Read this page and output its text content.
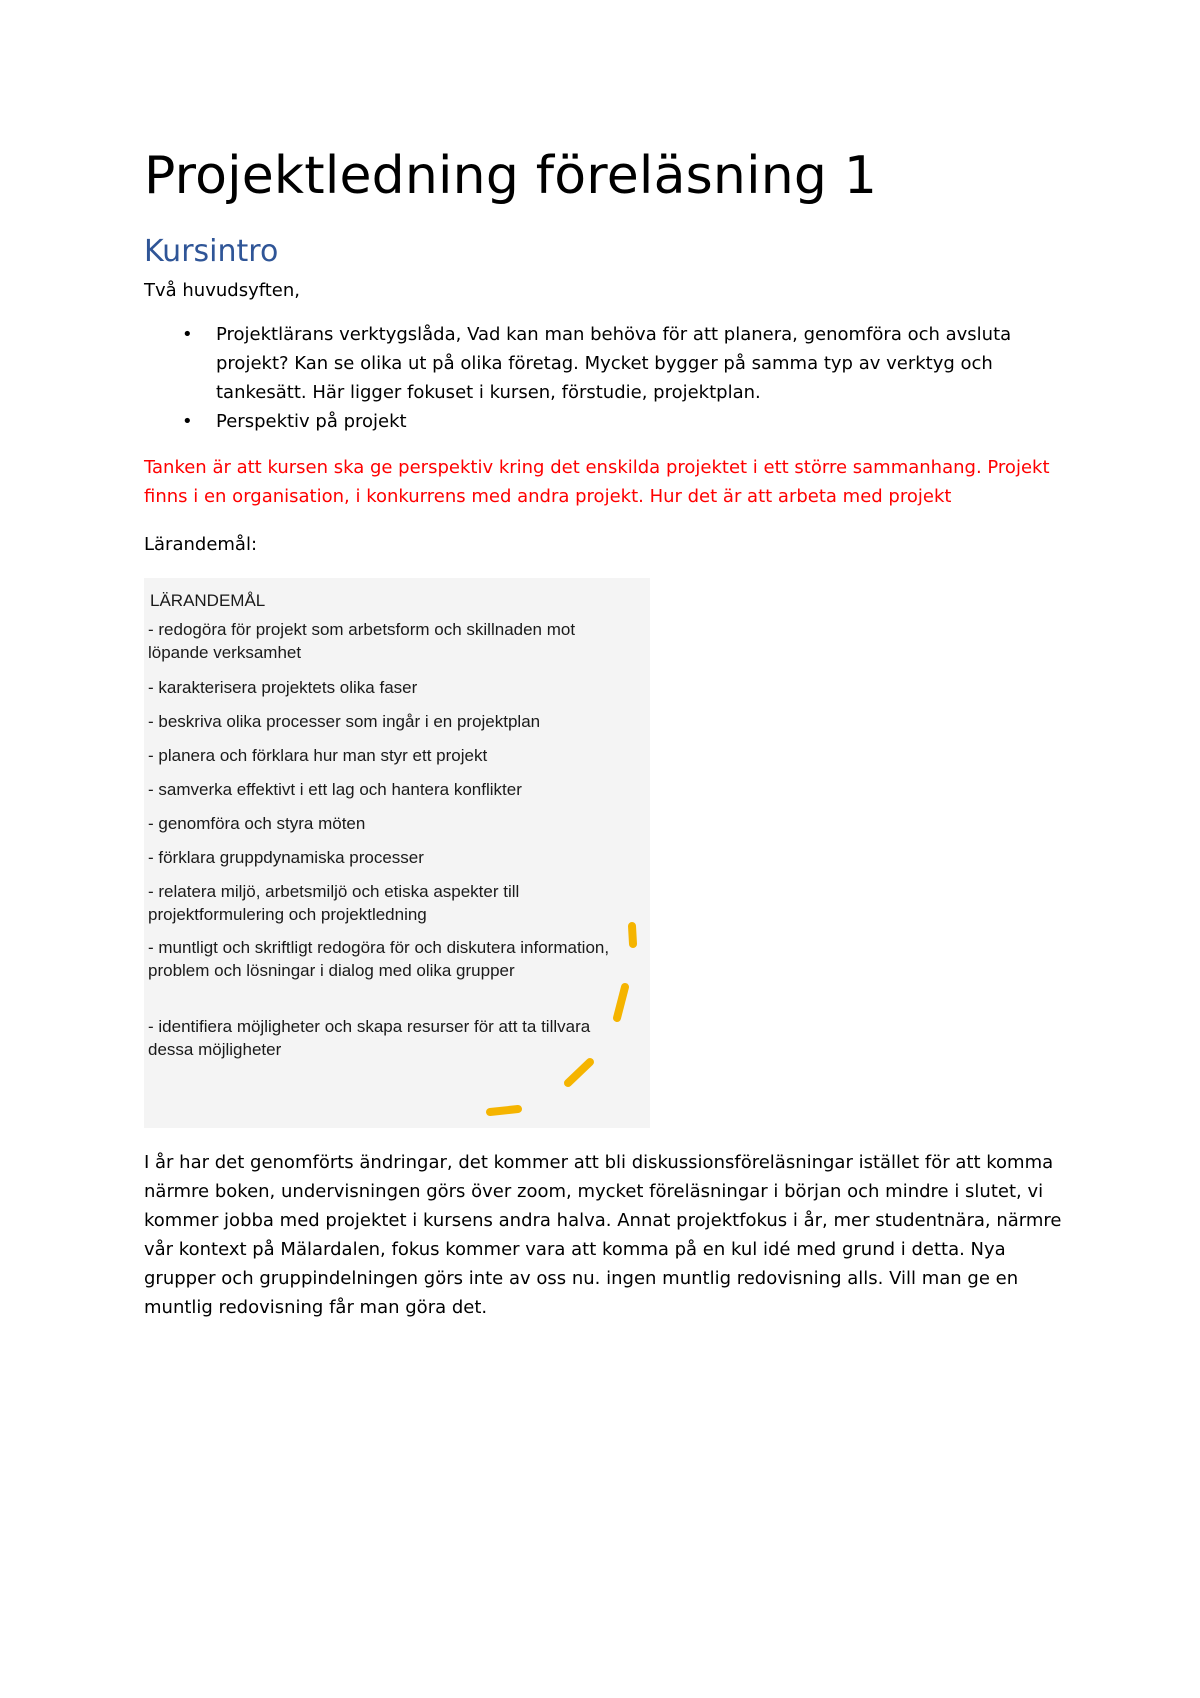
Projektledning föreläsning 1
Kursintro

Två huvudsyften,

• Projektlärans verktygslåda, Vad kan man behöva för att planera, genomföra och avsluta projekt? Kan se olika ut på olika företag. Mycket bygger på samma typ av verktyg och tankesätt. Här ligger fokuset i kursen, förstudie, projektplan.
• Perspektiv på projekt

Tanken är att kursen ska ge perspektiv kring det enskilda projektet i ett större sammanhang. Projekt finns i en organisation, i konkurrens med andra projekt. Hur det är att arbeta med projekt

Lärandemål:

LÄRANDEMÅL
- redogöra för projekt som arbetsform och skillnaden mot löpande verksamhet
- karakterisera projektets olika faser
- beskriva olika processer som ingår i en projektplan
- planera och förklara hur man styr ett projekt
- samverka effektivt i ett lag och hantera konflikter
- genomföra och styra möten
- förklara gruppdynamiska processer
- relatera miljö, arbetsmiljö och etiska aspekter till projektformulering och projektledning
- muntligt och skriftligt redogöra för och diskutera information, problem och lösningar i dialog med olika grupper
- identifiera möjligheter och skapa resurser för att ta tillvara dessa möjligheter

I år har det genomförts ändringar, det kommer att bli diskussionsföreläsningar istället för att komma närmre boken, undervisningen görs över zoom, mycket föreläsningar i början och mindre i slutet, vi kommer jobba med projektet i kursens andra halva. Annat projektfokus i år, mer studentnära, närmre vår kontext på Mälardalen, fokus kommer vara att komma på en kul idé med grund i detta. Nya grupper och gruppindelningen görs inte av oss nu. ingen muntlig redovisning alls. Vill man ge en muntlig redovisning får man göra det.
